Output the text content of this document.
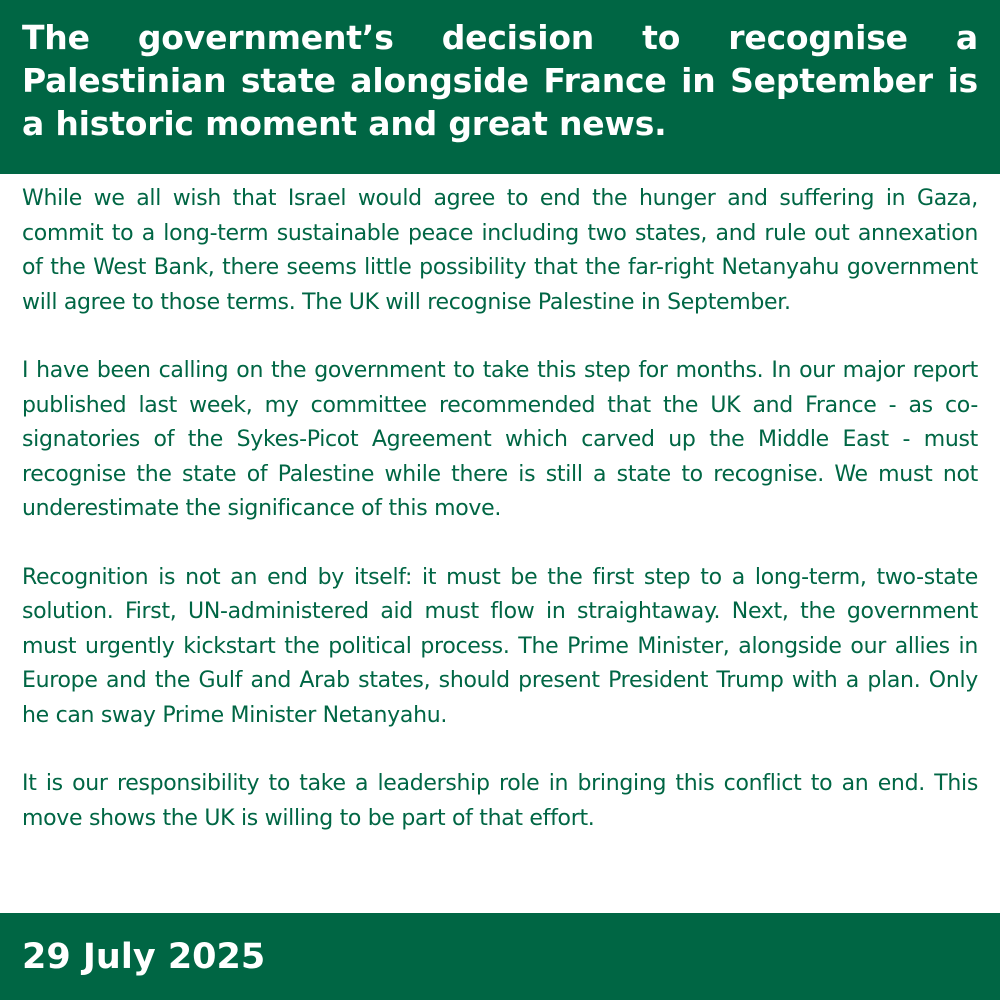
The government’s decision to recognise a Palestinian state alongside France in September is a historic moment and great news.

While we all wish that Israel would agree to end the hunger and suffering in Gaza, commit to a long-term sustainable peace including two states, and rule out annexation of the West Bank, there seems little possibility that the far-right Netanyahu government will agree to those terms. The UK will recognise Palestine in September.

I have been calling on the government to take this step for months. In our major report published last week, my committee recommended that the UK and France - as co-signatories of the Sykes-Picot Agreement which carved up the Middle East - must recognise the state of Palestine while there is still a state to recognise. We must not underestimate the significance of this move.

Recognition is not an end by itself: it must be the first step to a long-term, two-state solution. First, UN-administered aid must flow in straightaway. Next, the government must urgently kickstart the political process. The Prime Minister, alongside our allies in Europe and the Gulf and Arab states, should present President Trump with a plan. Only he can sway Prime Minister Netanyahu.

It is our responsibility to take a leadership role in bringing this conflict to an end. This move shows the UK is willing to be part of that effort.

29 July 2025
